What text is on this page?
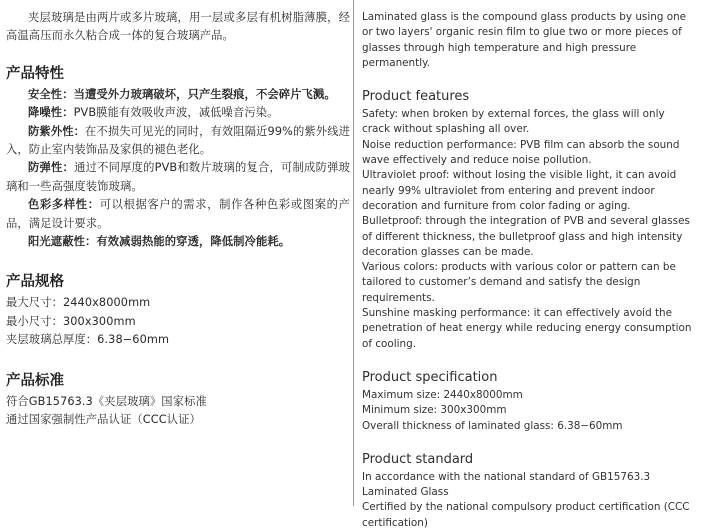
夹层玻璃是由两片或多片玻璃，用一层或多层有机树脂薄膜，经高温高压而永久粘合成一体的复合玻璃产品。

产品特性

安全性：当遭受外力玻璃破坏，只产生裂痕，不会碎片飞溅。

降噪性：PVB膜能有效吸收声波，减低噪音污染。

防紫外性：在不损失可见光的同时，有效阻隔近99%的紫外线进入，防止室内装饰品及家俱的褪色老化。

防弹性：通过不同厚度的PVB和数片玻璃的复合，可制成防弹玻璃和一些高强度装饰玻璃。

色彩多样性：可以根据客户的需求，制作各种色彩或图案的产品，满足设计要求。

阳光遮蔽性：有效减弱热能的穿透，降低制冷能耗。

产品规格

最大尺寸：2440x8000mm

最小尺寸：300x300mm

夹层玻璃总厚度：6.38−60mm

产品标准

符合GB15763.3《夹层玻璃》国家标准

通过国家强制性产品认证（CCC认证）

Laminated glass is the compound glass products by using one or two layers' organic resin film to glue two or more pieces of glasses through high temperature and high pressure permanently.

Product features

Safety: when broken by external forces, the glass will only crack without splashing all over.

Noise reduction performance: PVB film can absorb the sound wave effectively and reduce noise pollution.

Ultraviolet proof: without losing the visible light, it can avoid nearly 99% ultraviolet from entering and prevent indoor decoration and furniture from color fading or aging.

Bulletproof: through the integration of PVB and several glasses of different thickness, the bulletproof glass and high intensity decoration glasses can be made.

Various colors: products with various color or pattern can be tailored to customer’s demand and satisfy the design requirements.

Sunshine masking performance: it can effectively avoid the penetration of heat energy while reducing energy consumption of cooling.

Product specification

Maximum size: 2440x8000mm

Minimum size: 300x300mm

Overall thickness of laminated glass: 6.38−60mm

Product standard

In accordance with the national standard of GB15763.3 Laminated Glass

Certified by the national compulsory product certification (CCC certification)
